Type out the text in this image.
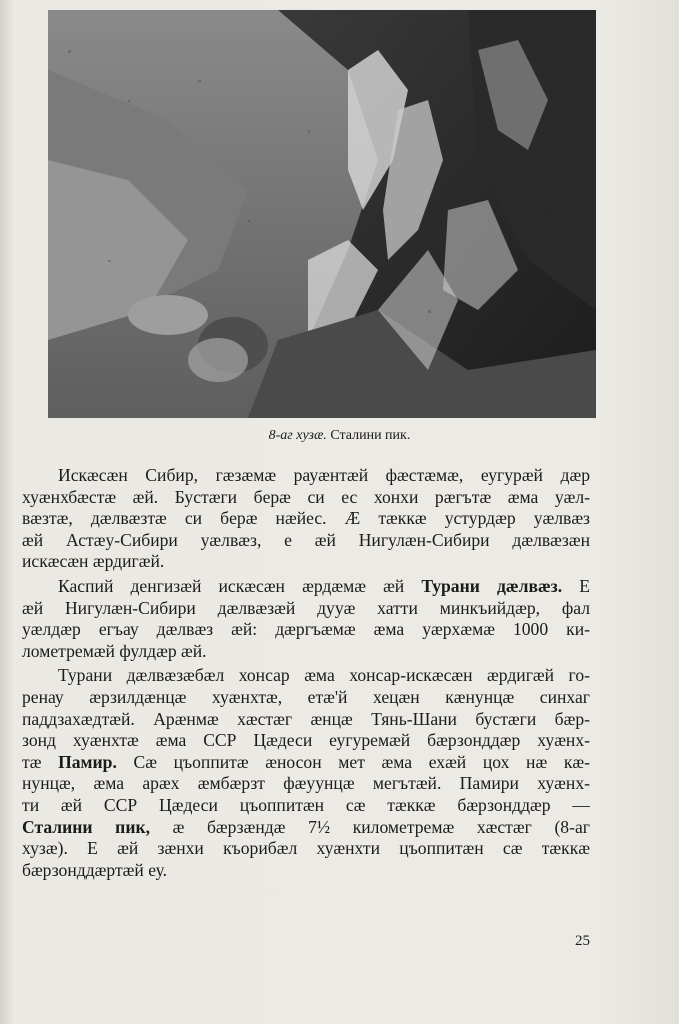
8-аг хузæ. Сталини пик.
Искæсæн Сибир, гæзæмæ рауæнтæй фæстæмæ, еугурæй дæр
хуæнхбæстæ æй. Бустæги бeрæ си ес хонхи рæгътæ æма уæл-
вæзтæ, дæлвæзтæ си бeрæ нæйес. Æ тæккæ устурдæр уæлвæз
æй Астæу-Сибири уæлвæз, е æй Нигулæн-Сибири дæлвæзæн
искæсæн æрдигæй.
Каспий денгизæй искæсæн æрдæмæ æй Турани дæлвæз. Е
æй Нигулæн-Сибири дæлвæзæй дууæ хатти минкъийдæр, фал
уæлдæр егъау дæлвæз æй: дæргъæмæ æма уæрхæмæ 1000 ки-
лометремæй фулдæр æй.
Турани дæлвæзæбæл хонсар æма хонсар-искæсæн æрдигæй го-
ренау æрзилдæнцæ хуæнхтæ, етæ'й хецæн кæнунцæ синхаг
паддзахæдтæй. Арæнмæ хæстæг æнцæ Тянь-Шани бустæги бæр-
зонд хуæнхтæ æма ССР Цæдеси еугуремæй бæрзонддæр хуæнх-
тæ Памир. Сæ цъоппитæ æносон мет æма ехæй цох нæ кæ-
нунцæ, æма арæх æмбæрзт фæуунцæ мегътæй. Памири хуæнх-
ти æй ССР Цæдеси цъоппитæн сæ тæккæ бæрзонддæр —
Сталини пик, æ бæрзæндæ 7½ километремæ хæстæг (8-аг
хузæ). Е æй зæнхи къорибæл хуæнхти цъоппитæн сæ тæккæ
бæрзонддæртæй еу.
25
